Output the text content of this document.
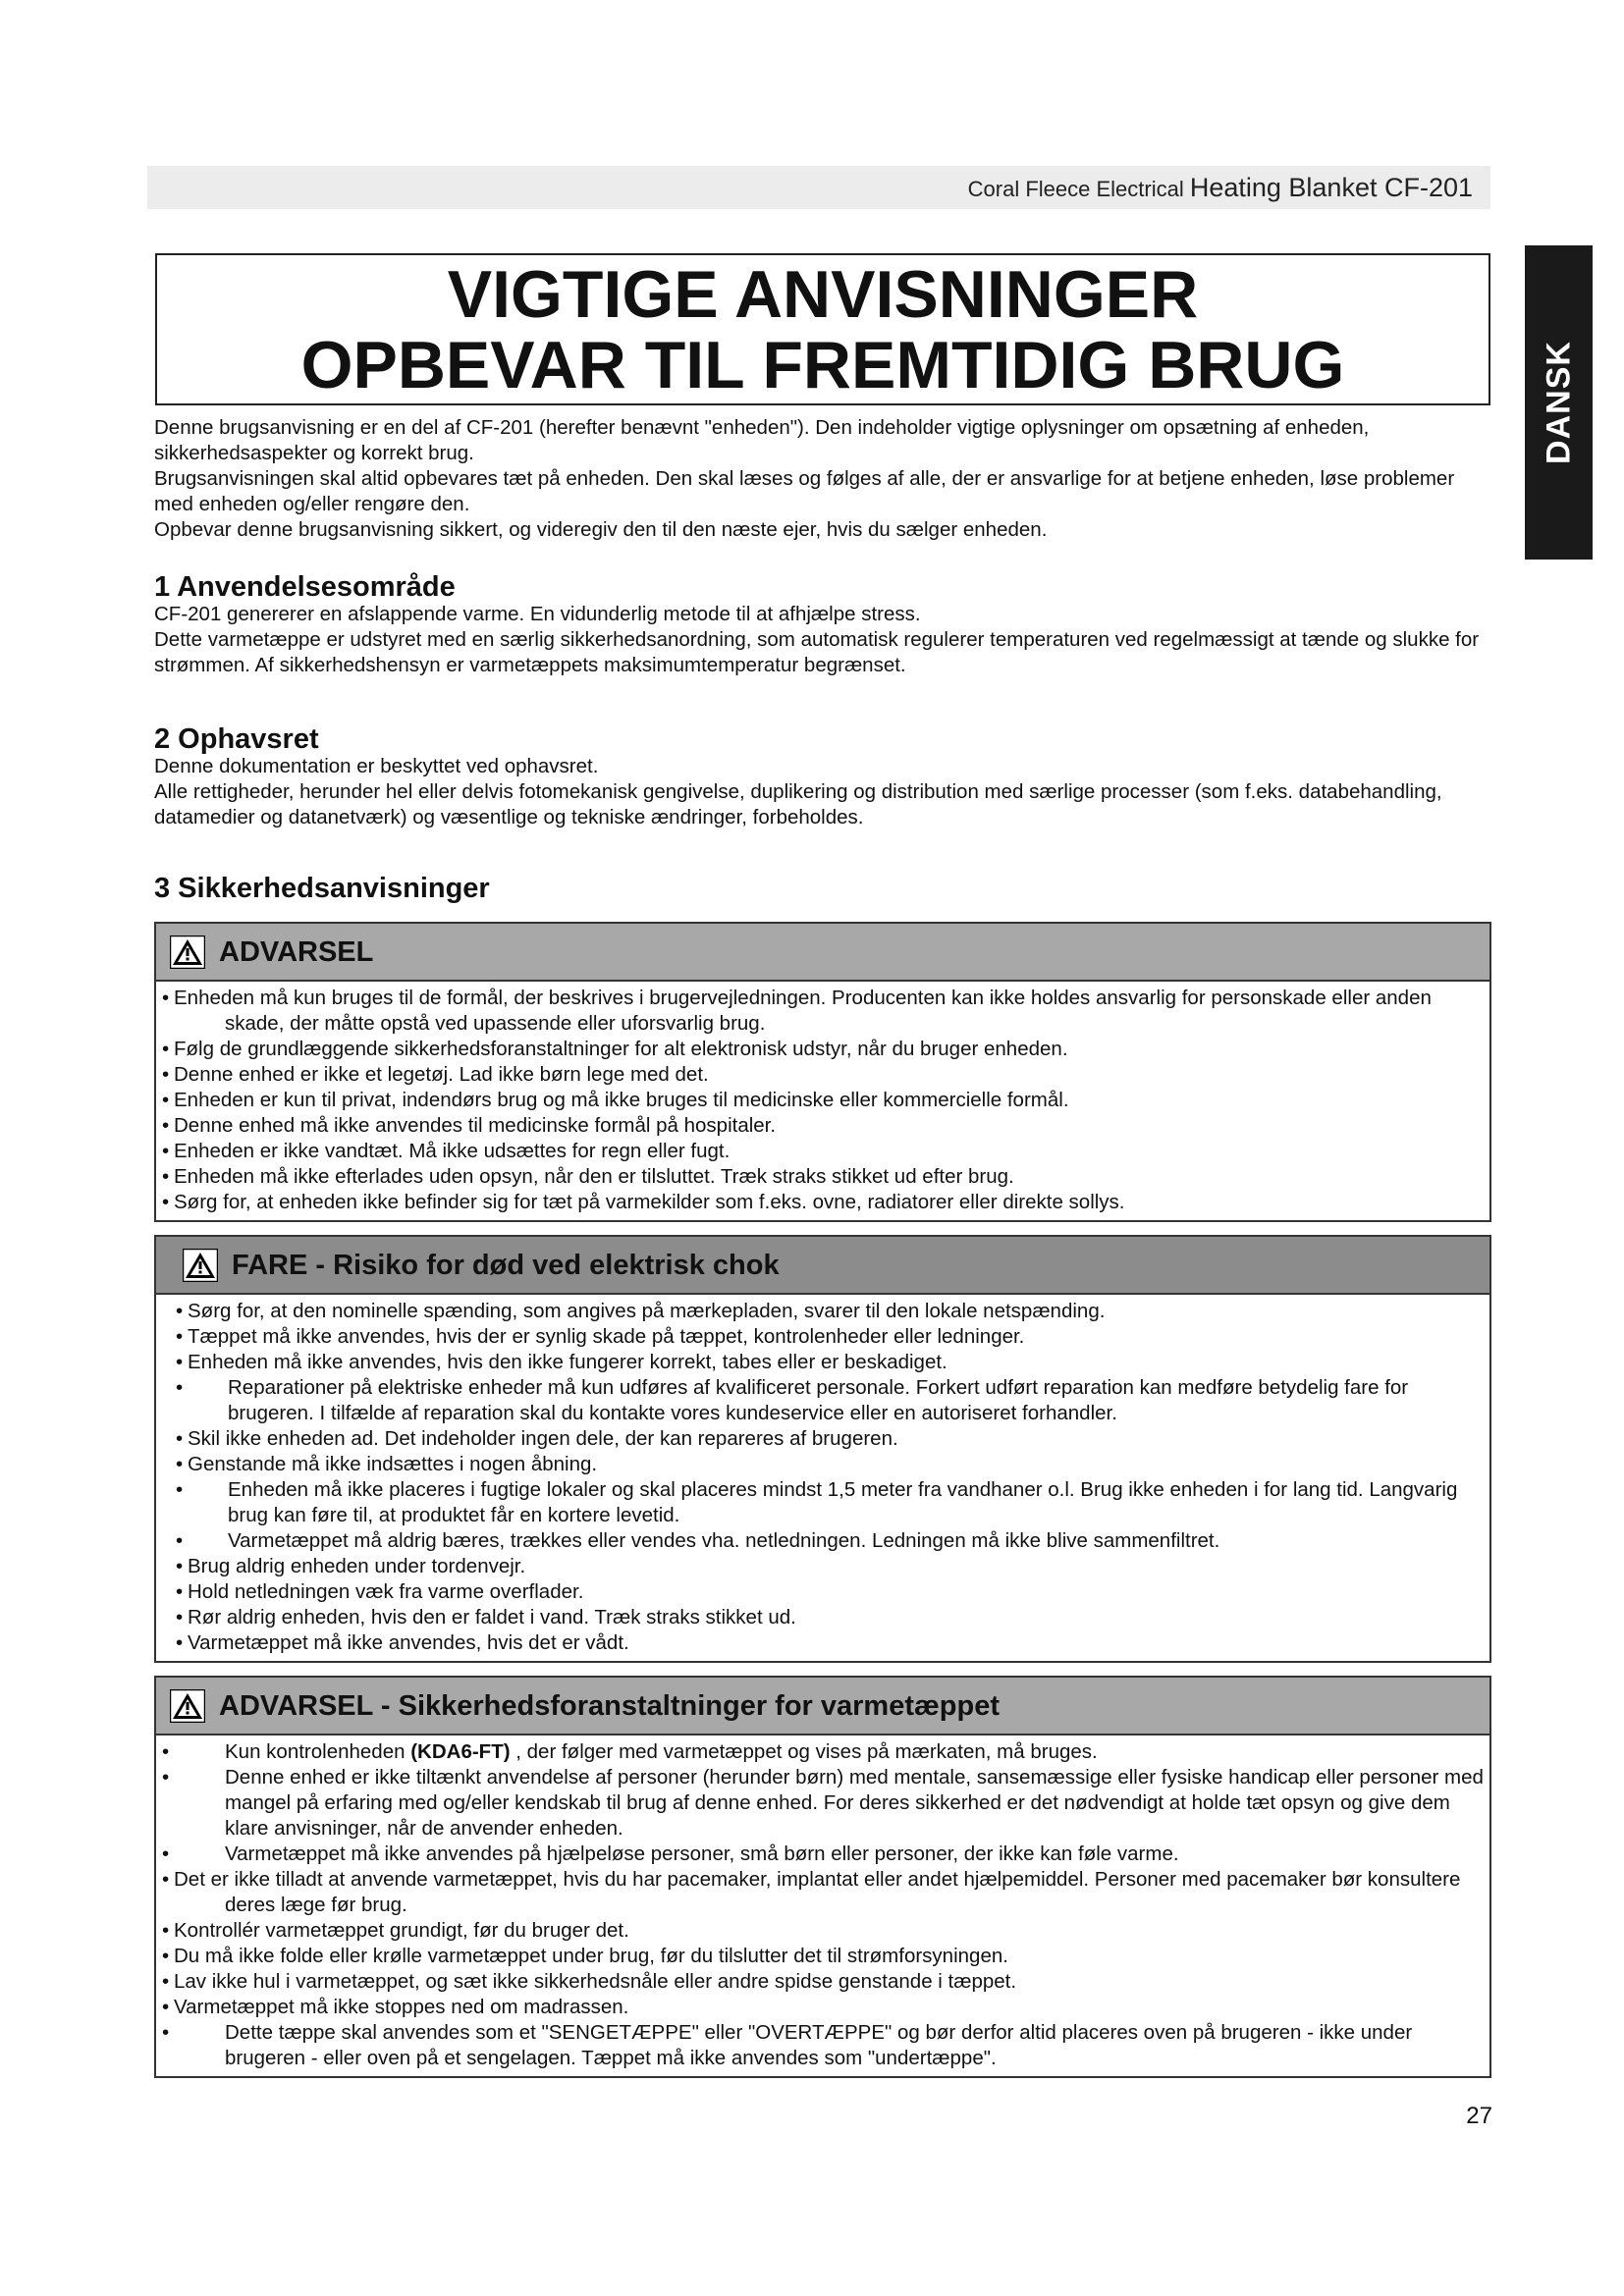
Coral Fleece Electrical Heating Blanket CF-201
DANSK
VIGTIGE ANVISNINGER
OPBEVAR TIL FREMTIDIG BRUG

Denne brugsanvisning er en del af CF-201 (herefter benævnt "enheden"). Den indeholder vigtige oplysninger om opsætning af enheden, sikkerhedsaspekter og korrekt brug.

Brugsanvisningen skal altid opbevares tæt på enheden. Den skal læses og følges af alle, der er ansvarlige for at betjene enheden, løse problemer med enheden og/eller rengøre den.

Opbevar denne brugsanvisning sikkert, og videregiv den til den næste ejer, hvis du sælger enheden.

1 Anvendelsesområde

CF-201 genererer en afslappende varme. En vidunderlig metode til at afhjælpe stress.

Dette varmetæppe er udstyret med en særlig sikkerhedsanordning, som automatisk regulerer temperaturen ved regelmæssigt at tænde og slukke for strømmen. Af sikkerhedshensyn er varmetæppets maksimumtemperatur begrænset.

2 Ophavsret

Denne dokumentation er beskyttet ved ophavsret.

Alle rettigheder, herunder hel eller delvis fotomekanisk gengivelse, duplikering og distribution med særlige processer (som f.eks. databehandling, datamedier og datanetværk) og væsentlige og tekniske ændringer, forbeholdes.

3 Sikkerhedsanvisninger
ADVARSEL
• Enheden må kun bruges til de formål, der beskrives i brugervejledningen. Producenten kan ikke holdes ansvarlig for personskade eller anden skade, der måtte opstå ved upassende eller uforsvarlig brug.
• Følg de grundlæggende sikkerhedsforanstaltninger for alt elektronisk udstyr, når du bruger enheden.
• Denne enhed er ikke et legetøj. Lad ikke børn lege med det.
• Enheden er kun til privat, indendørs brug og må ikke bruges til medicinske eller kommercielle formål.
• Denne enhed må ikke anvendes til medicinske formål på hospitaler.
• Enheden er ikke vandtæt. Må ikke udsættes for regn eller fugt.
• Enheden må ikke efterlades uden opsyn, når den er tilsluttet. Træk straks stikket ud efter brug.
• Sørg for, at enheden ikke befinder sig for tæt på varmekilder som f.eks. ovne, radiatorer eller direkte sollys.
FARE - Risiko for død ved elektrisk chok
• Sørg for, at den nominelle spænding, som angives på mærkepladen, svarer til den lokale netspænding.
• Tæppet må ikke anvendes, hvis der er synlig skade på tæppet, kontrolenheder eller ledninger.
• Enheden må ikke anvendes, hvis den ikke fungerer korrekt, tabes eller er beskadiget.
• Reparationer på elektriske enheder må kun udføres af kvalificeret personale. Forkert udført reparation kan medføre betydelig fare for brugeren. I tilfælde af reparation skal du kontakte vores kundeservice eller en autoriseret forhandler.
• Skil ikke enheden ad. Det indeholder ingen dele, der kan repareres af brugeren.
• Genstande må ikke indsættes i nogen åbning.
• Enheden må ikke placeres i fugtige lokaler og skal placeres mindst 1,5 meter fra vandhaner o.l. Brug ikke enheden i for lang tid. Langvarig brug kan føre til, at produktet får en kortere levetid.
• Varmetæppet må aldrig bæres, trækkes eller vendes vha. netledningen. Ledningen må ikke blive sammenfiltret.
• Brug aldrig enheden under tordenvejr.
• Hold netledningen væk fra varme overflader.
• Rør aldrig enheden, hvis den er faldet i vand. Træk straks stikket ud.
• Varmetæppet må ikke anvendes, hvis det er vådt.
ADVARSEL - Sikkerhedsforanstaltninger for varmetæppet
•	Kun kontrolenheden (KDA6-FT) , der følger med varmetæppet og vises på mærkaten, må bruges.
•	Denne enhed er ikke tiltænkt anvendelse af personer (herunder børn) med mentale, sansemæssige eller fysiske handicap eller personer med mangel på erfaring med og/eller kendskab til brug af denne enhed. For deres sikkerhed er det nødvendigt at holde tæt opsyn og give dem klare anvisninger, når de anvender enheden.
•	Varmetæppet må ikke anvendes på hjælpeløse personer, små børn eller personer, der ikke kan føle varme.
• Det er ikke tilladt at anvende varmetæppet, hvis du har pacemaker, implantat eller andet hjælpemiddel. Personer med pacemaker bør konsultere deres læge før brug.
• Kontrollér varmetæppet grundigt, før du bruger det.
• Du må ikke folde eller krølle varmetæppet under brug, før du tilslutter det til strømforsyningen.
• Lav ikke hul i varmetæppet, og sæt ikke sikkerhedsnåle eller andre spidse genstande i tæppet.
• Varmetæppet må ikke stoppes ned om madrassen.
•	Dette tæppe skal anvendes som et "SENGETÆPPE" eller "OVERTÆPPE" og bør derfor altid placeres oven på brugeren - ikke under brugeren - eller oven på et sengelagen. Tæppet må ikke anvendes som "undertæppe".
27
